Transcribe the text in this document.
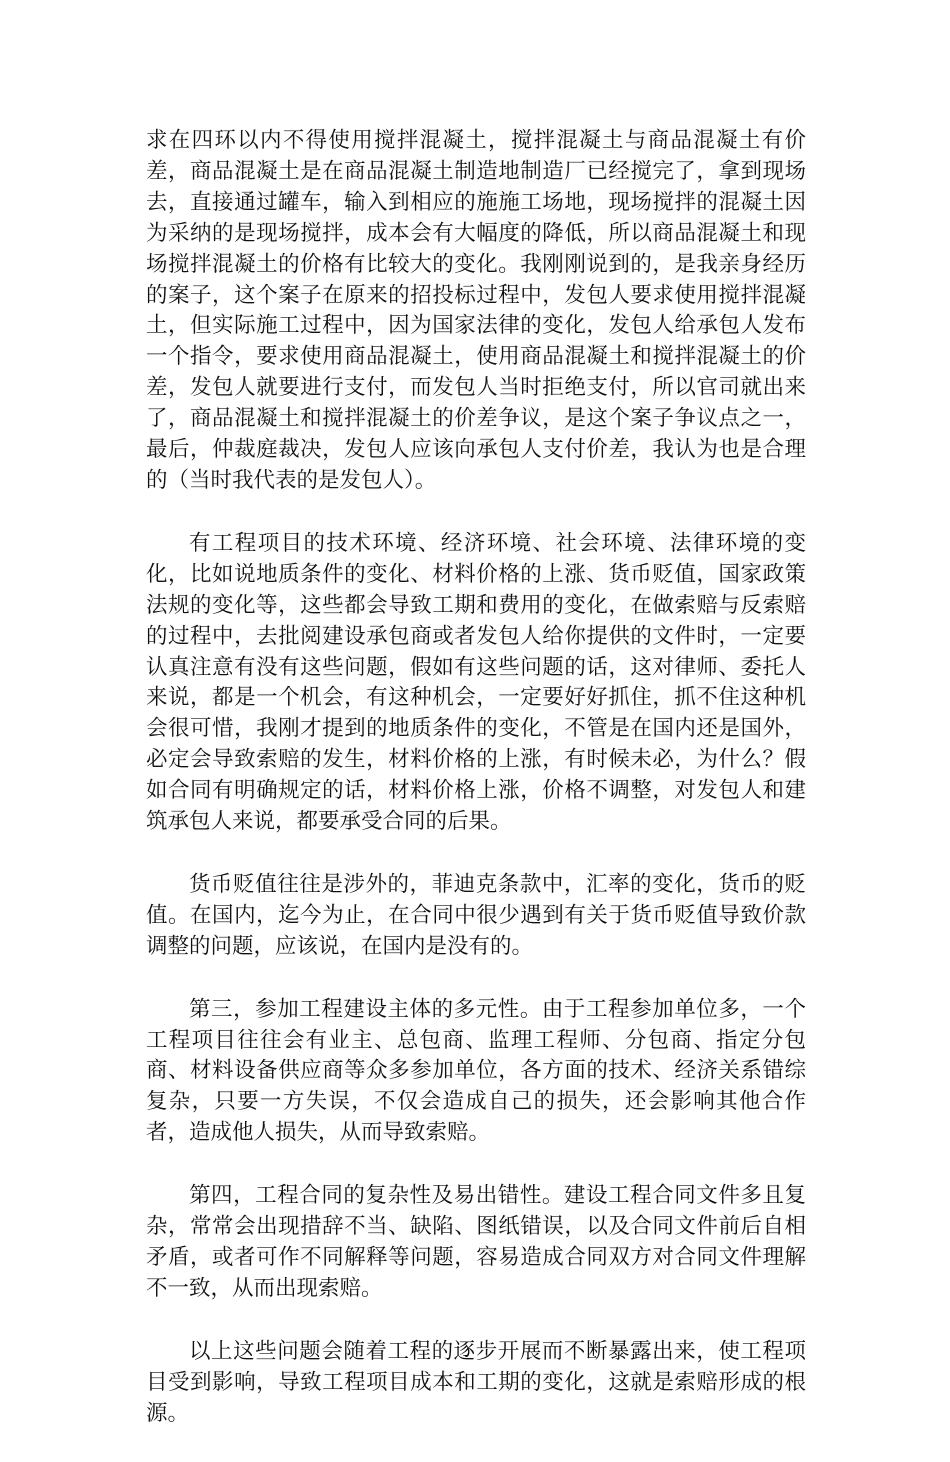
求在四环以内不得使用搅拌混凝土，搅拌混凝土与商品混凝土有价差，商品混凝土是在商品混凝土制造地制造厂已经搅完了，拿到现场去，直接通过罐车，输入到相应的施施工场地，现场搅拌的混凝土因为采纳的是现场搅拌，成本会有大幅度的降低，所以商品混凝土和现场搅拌混凝土的价格有比较大的变化。我刚刚说到的，是我亲身经历的案子，这个案子在原来的招投标过程中，发包人要求使用搅拌混凝土，但实际施工过程中，因为国家法律的变化，发包人给承包人发布一个指令，要求使用商品混凝土，使用商品混凝土和搅拌混凝土的价差，发包人就要进行支付，而发包人当时拒绝支付，所以官司就出来了，商品混凝土和搅拌混凝土的价差争议，是这个案子争议点之一，最后，仲裁庭裁决，发包人应该向承包人支付价差，我认为也是合理的（当时我代表的是发包人）。

有工程项目的技术环境、经济环境、社会环境、法律环境的变化，比如说地质条件的变化、材料价格的上涨、货币贬值，国家政策法规的变化等，这些都会导致工期和费用的变化，在做索赔与反索赔的过程中，去批阅建设承包商或者发包人给你提供的文件时，一定要认真注意有没有这些问题，假如有这些问题的话，这对律师、委托人来说，都是一个机会，有这种机会，一定要好好抓住，抓不住这种机会很可惜，我刚才提到的地质条件的变化，不管是在国内还是国外，必定会导致索赔的发生，材料价格的上涨，有时候未必，为什么？假如合同有明确规定的话，材料价格上涨，价格不调整，对发包人和建筑承包人来说，都要承受合同的后果。

货币贬值往往是涉外的，菲迪克条款中，汇率的变化，货币的贬值。在国内，迄今为止，在合同中很少遇到有关于货币贬值导致价款调整的问题，应该说，在国内是没有的。

第三，参加工程建设主体的多元性。由于工程参加单位多，一个工程项目往往会有业主、总包商、监理工程师、分包商、指定分包商、材料设备供应商等众多参加单位，各方面的技术、经济关系错综复杂，只要一方失误，不仅会造成自己的损失，还会影响其他合作者，造成他人损失，从而导致索赔。

第四，工程合同的复杂性及易出错性。建设工程合同文件多且复杂，常常会出现措辞不当、缺陷、图纸错误，以及合同文件前后自相矛盾，或者可作不同解释等问题，容易造成合同双方对合同文件理解不一致，从而出现索赔。

以上这些问题会随着工程的逐步开展而不断暴露出来，使工程项目受到影响，导致工程项目成本和工期的变化，这就是索赔形成的根源。
